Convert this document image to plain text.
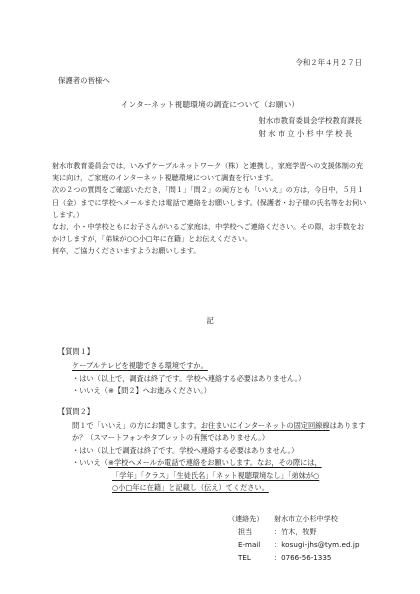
令和２年４月２７日
保護者の皆様へ
インターネット視聴環境の調査について（お願い）
射水市教育委員会学校教育課長
射水市立小杉中学校長

射水市教育委員会では，いみずケーブルネットワーク（株）と連携し，家庭学習への支援体制の充実に向け，ご家庭のインターネット視聴環境について調査を行います。

次の２つの質問をご確認いただき，「問１」「問２」の両方とも「いいえ」の方は，今日中，５月１日（金）までに学校へメールまたは電話で連絡をお願いします。(保護者・お子様の氏名等をお伺いします。）

なお，小・中学校ともにお子さんがいるご家庭は，中学校へご連絡ください。その際，お手数をおかけしますが，「弟妹が○○小□年に在籍」とお伝えください。

何卒，ご協力くださいますようお願いします。

記
【質問１】
ケーブルテレビを視聴できる環境ですか。
・はい（以上で，調査は終了です。学校へ連絡する必要はありません。）
・いいえ（※【問２】へお進みください。）
【質問２】

問１で「いいえ」の方にお聞きします。お住まいにインターネットの固定回線線はありますか？（スマートフォンやタブレットの有無ではありません。）

・はい（以上で調査は終了です。学校へ連絡する必要はありません。）

・いいえ（※学校へメールか電話で連絡をお願いします。なお，その際には，

「学年」「クラス」「生徒氏名」「ネット視聴環境なし」「弟妹が○

○小□年に在籍」と記載し（伝え）てください。

（連絡先）	射水市立小杉中学校
担当	：竹木，牧野
E-mail	：kosugi-jhs@tym.ed.jp
TEL	：0766-56-1335
